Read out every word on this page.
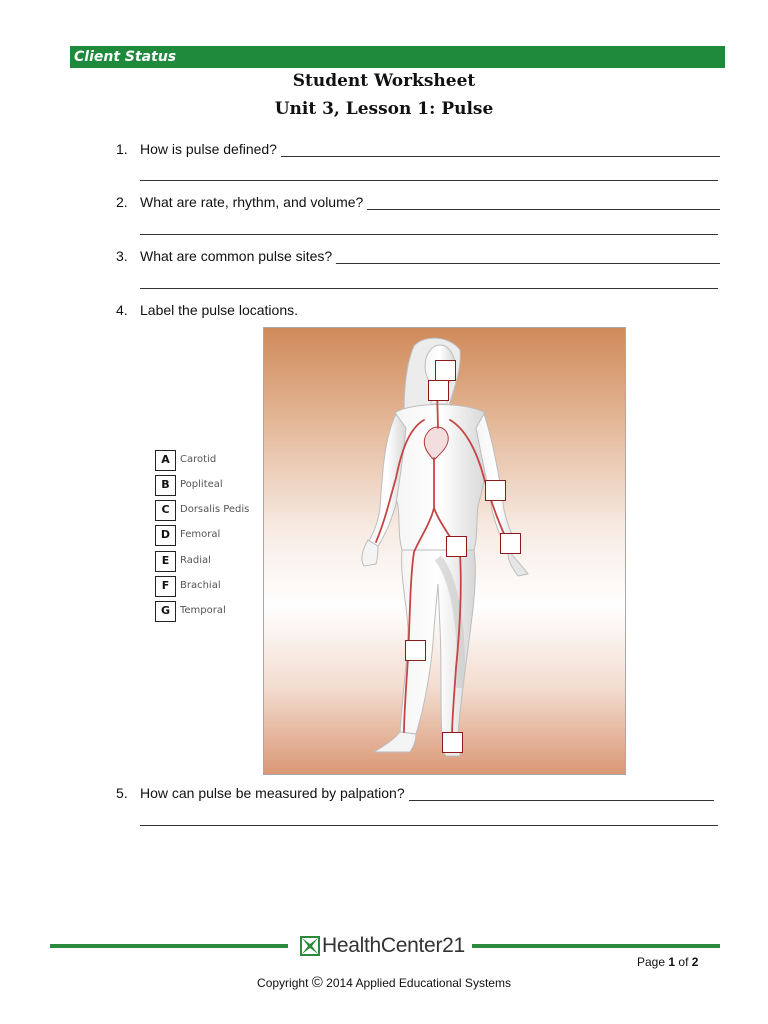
Client Status
Student Worksheet
Unit 3, Lesson 1: Pulse
1. How is pulse defined?
2. What are rate, rhythm, and volume?
3. What are common pulse sites?
4. Label the pulse locations.
A	Carotid
B	Popliteal
C	Dorsalis Pedis
D Femoral
E	Radial
F	Brachial
G Temporal
5. How can pulse be measured by palpation?
HealthCenter21
Page 1 of 2
Copyright © 2014 Applied Educational Systems
